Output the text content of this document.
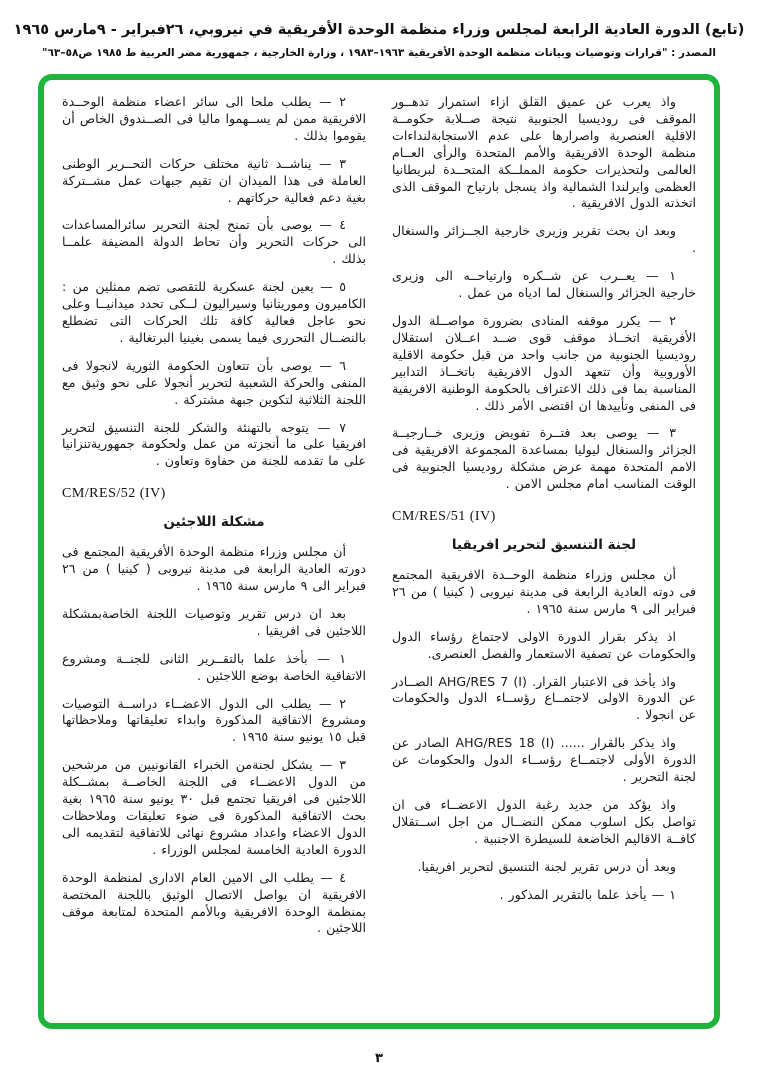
(تابع) الدورة العادية الرابعة لمجلس وزراء منظمة الوحدة الأفريقية في نيروبي، ٢٦فبراير - ٩مارس ١٩٦٥
المصدر : "قرارات وتوصيات وبيانات منظمة الوحدة الأفريقية ١٩٦٣–١٩٨٣ ، وزارة الخارجية ، جمهورية مصر العربية ط ١٩٨٥ ص٥٨–٦٣"

واذ يعرب عن عميق القلق ازاء استمرار تدهــور الموقف فى روديسيا الجنوبية نتيجة صــلابة حكومــة الاقلية العنصرية واصرارها على عدم الاستجابةلنداءات منظمة الوحدة الافريقية والأمم المتحدة والرأى العــام العالمى ولتحذيرات حكومة المملــكة المتحــدة لبريطانيا العظمى وايرلندا الشمالية واذ يسجل بارتياح الموقف الذى اتخذته الدول الافريقية .

وبعد ان بحث تقرير وزيرى خارجية الجــزائر والسنغال .

١ — يعــرب عن شــكره وارتياحــه الى وزيرى خارجية الجزائر والسنغال لما ادياه من عمل .

٢ — يكرر موقفه المنادى بضرورة مواصــلة الدول الأفريقية اتخــاذ موقف قوى ضــد اعــلان استقلال روديسيا الجنوبية من جانب واحد من قبل حكومة الاقلية الأوروبية وأن تتعهد الدول الافريقية باتخــاذ التدابير المناسبة بما فى ذلك الاعتراف بالحكومة الوطنية الافريقية فى المنفى وتأييدها ان اقتضى الأمر ذلك .

٣ — يوصى بعد فتــرة تفويض وزيرى خــارجيــة الجزائر والسنغال ليوليا بمساعدة المجموعة الافريقية فى الامم المتحدة مهمة عرض مشكلة روديسيا الجنوبية فى الوقت المناسب امام مجلس الامن .

CM/RES/51 (IV)
لجنة التنسيق لتحرير افريقيا

أن مجلس وزراء منظمة الوحــدة الافريقية المجتمع فى دوته العادية الرابعة فى مدينة نيروبى ( كينيا ) من ٢٦ فبراير الى ٩ مارس سنة ١٩٦٥ .

اذ يذكر بقرار الدورة الاولى لاجتماع رؤساء الدول والحكومات عن تصفية الاستعمار والفصل العنصرى.

واذ يأخذ فى الاعتبار القرار. AHG/RES 7 (I) الصــادر عن الدورة الاولى لاجتمــاع رؤســاء الدول والحكومات عن انجولا .

واذ يذكر بالقرار ...... AHG/RES 18 (I) الصادر عن الدورة الأولى لاجتمــاع رؤســاء الدول والحكومات عن لجنة التحرير .

واذ يؤكد من جديد رغبة الدول الاعضــاء فى ان تواصل بكل اسلوب ممكن النضــال من اجل اســتقلال كافــة الاقاليم الخاضعة للسيطرة الاجنبية .

وبعد أن درس تقرير لجنة التنسيق لتحرير افريقيا.

١ — يأخذ علما بالتقرير المذكور .

٢ — يطلب ملحا الى سائر اعضاء منظمة الوحــدة الافريقية ممن لم يســهموا ماليا فى الصــندوق الخاص أن يقوموا بذلك .

٣ — يناشــد ثانية مختلف حركات التحــرير الوطنى العاملة فى هذا الميدان ان تقيم جبهات عمل مشــتركة بغية دعم فعالية حركاتهم .

٤ — يوصى بأن تمنح لجنة التحرير سائرالمساعدات الى حركات التحرير وأن تحاط الدولة المضيفة علمــا بذلك .

٥ — يعين لجنة عسكرية للتقصى تضم ممثلين من : الكاميرون وموريتانيا وسيراليون لــكى تحدد ميدانيــا وعلى نحو عاجل فعالية كافة تلك الحركات التى تضطلع بالنضــال التحررى فيما يسمى بغينيا البرتغالية .

٦ — يوصى بأن تتعاون الحكومة الثورية لانجولا فى المنفى والحركة الشعبية لتحرير أنجولا على نحو وثيق مع اللجنة الثلاثية لتكوين جبهة مشتركة .

٧ — يتوجه بالتهنئة والشكر للجنة التنسيق لتحرير افريقيا على ما أنجزته من عمل ولحكومة جمهوريةتنزانيا على ما تقدمه للجنة من حفاوة وتعاون .

CM/RES/52 (IV)
مشكلة اللاجئين

أن مجلس وزراء منظمة الوحدة الأفريقية المجتمع فى دورته العادية الرابعة فى مدينة نيروبى ( كينيا ) من ٢٦ فبراير الى ٩ مارس سنة ١٩٦٥ .

بعد ان درس تقرير وتوصيات اللجنة الخاصةبمشكلة اللاجئين فى افريقيا .

١ — بأخذ علما بالتقــرير الثانى للجنــة ومشروع الاتفاقية الخاصة بوضع اللاجئين .

٢ — يطلب الى الدول الاعضــاء دراســة التوصيات ومشروع الاتفاقية المذكورة وابداء تعليقاتها وملاحظاتها قبل ١٥ يونيو سنة ١٩٦٥ .

٣ — يشكل لجنةمن الخبراء القانونيين من مرشحين من الدول الاعضــاء فى اللجنة الخاصــة بمشــكلة اللاجئين فى افريقيا تجتمع قبل ٣٠ يونيو سنة ١٩٦٥ بغية بحث الاتفاقية المذكورة فى ضوء تعليقات وملاحظات الدول الاعضاء واعداد مشروع نهائى للاتفاقية لتقديمه الى الدورة العادية الخامسة لمجلس الوزراء .

٤ — يطلب الى الامين العام الادارى لمنظمة الوحدة الافريقية ان يواصل الاتصال الوثيق باللجنة المختصة بمنظمة الوحدة الافريقية وبالأمم المتحدة لمتابعة موقف اللاجئين .

٣
